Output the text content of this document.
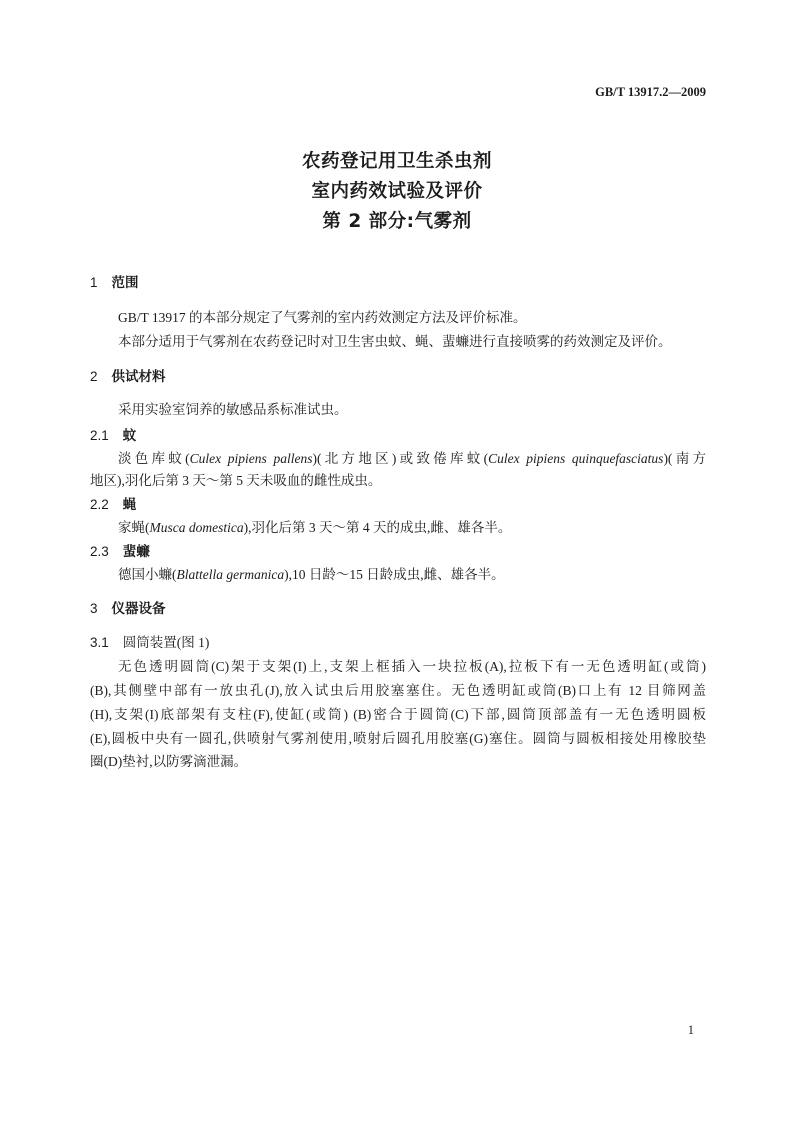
GB/T 13917.2—2009
农药登记用卫生杀虫剂
室内药效试验及评价
第 2 部分:气雾剂
1 范围
GB/T 13917 的本部分规定了气雾剂的室内药效测定方法及评价标准。
本部分适用于气雾剂在农药登记时对卫生害虫蚊、蝇、蜚蠊进行直接喷雾的药效测定及评价。
2 供试材料
采用实验室饲养的敏感品系标准试虫。
2.1 蚊
淡色库蚊(Culex pipiens pallens)(北方地区)或致倦库蚊(Culex pipiens quinquefasciatus)(南方
地区),羽化后第 3 天～第 5 天未吸血的雌性成虫。
2.2 蝇
家蝇(Musca domestica),羽化后第 3 天～第 4 天的成虫,雌、雄各半。
2.3 蜚蠊
德国小蠊(Blattella germanica),10 日龄～15 日龄成虫,雌、雄各半。
3 仪器设备
3.1 圆筒装置(图 1)
无色透明圆筒(C)架于支架(I)上,支架上框插入一块拉板(A),拉板下有一无色透明缸(或筒)
(B),其侧壁中部有一放虫孔(J),放入试虫后用胶塞塞住。无色透明缸或筒(B)口上有 12 目筛网盖
(H),支架(I)底部架有支柱(F),使缸(或筒) (B)密合于圆筒(C)下部,圆筒顶部盖有一无色透明圆板
(E),圆板中央有一圆孔,供喷射气雾剂使用,喷射后圆孔用胶塞(G)塞住。圆筒与圆板相接处用橡胶垫
圈(D)垫衬,以防雾滴泄漏。
1
